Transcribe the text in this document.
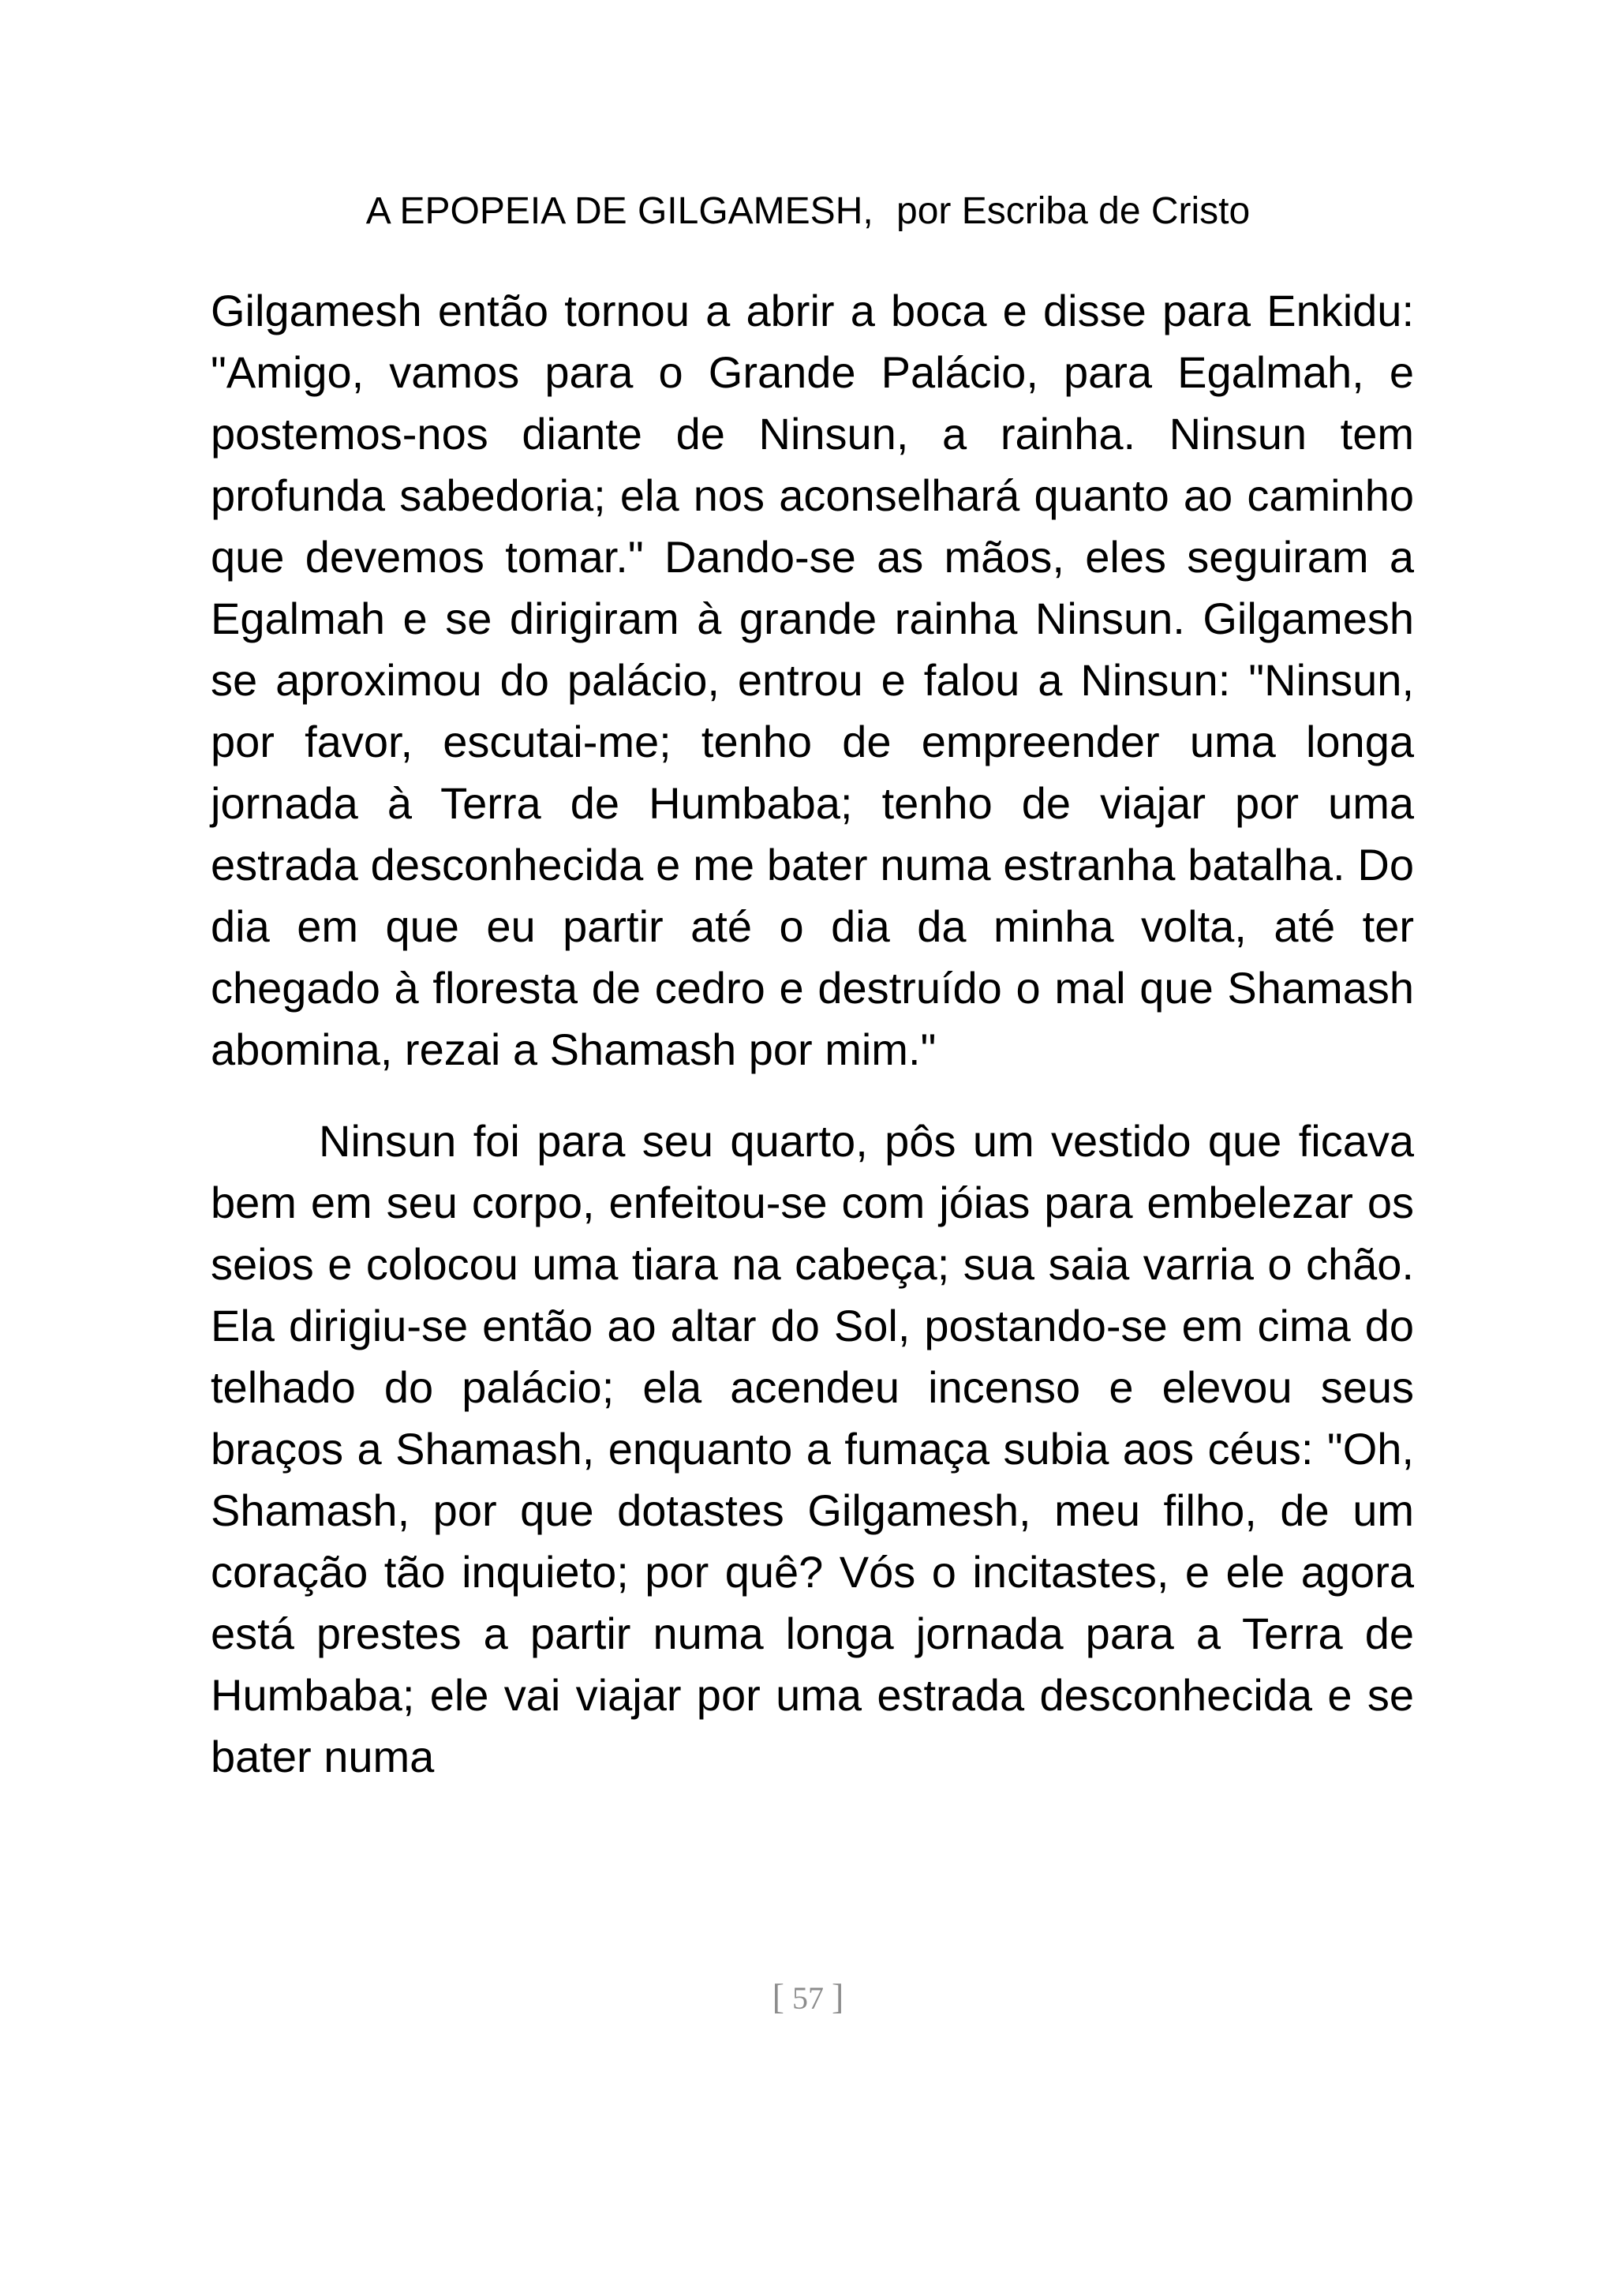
A EPOPEIA DE GILGAMESH, por Escriba de Cristo

Gilgamesh então tornou a abrir a boca e disse para Enkidu: "Amigo, vamos para o Grande Palácio, para Egalmah, e postemos-nos diante de Ninsun, a rainha. Ninsun tem profunda sabedoria; ela nos aconselhará quanto ao caminho que devemos tomar." Dando-se as mãos, eles seguiram a Egalmah e se dirigiram à grande rainha Ninsun. Gilgamesh se aproximou do palácio, entrou e falou a Ninsun: "Ninsun, por favor, escutai-me; tenho de empreender uma longa jornada à Terra de Humbaba; tenho de viajar por uma estrada desconhecida e me bater numa estranha batalha. Do dia em que eu partir até o dia da minha volta, até ter chegado à floresta de cedro e destruído o mal que Shamash abomina, rezai a Shamash por mim."

Ninsun foi para seu quarto, pôs um vestido que ficava bem em seu corpo, enfeitou-se com jóias para embelezar os seios e colocou uma tiara na cabeça; sua saia varria o chão. Ela dirigiu-se então ao altar do Sol, postando-se em cima do telhado do palácio; ela acendeu incenso e elevou seus braços a Shamash, enquanto a fumaça subia aos céus: "Oh, Shamash, por que dotastes Gilgamesh, meu filho, de um coração tão inquieto; por quê? Vós o incitastes, e ele agora está prestes a partir numa longa jornada para a Terra de Humbaba; ele vai viajar por uma estrada desconhecida e se bater numa

[ 57 ]
